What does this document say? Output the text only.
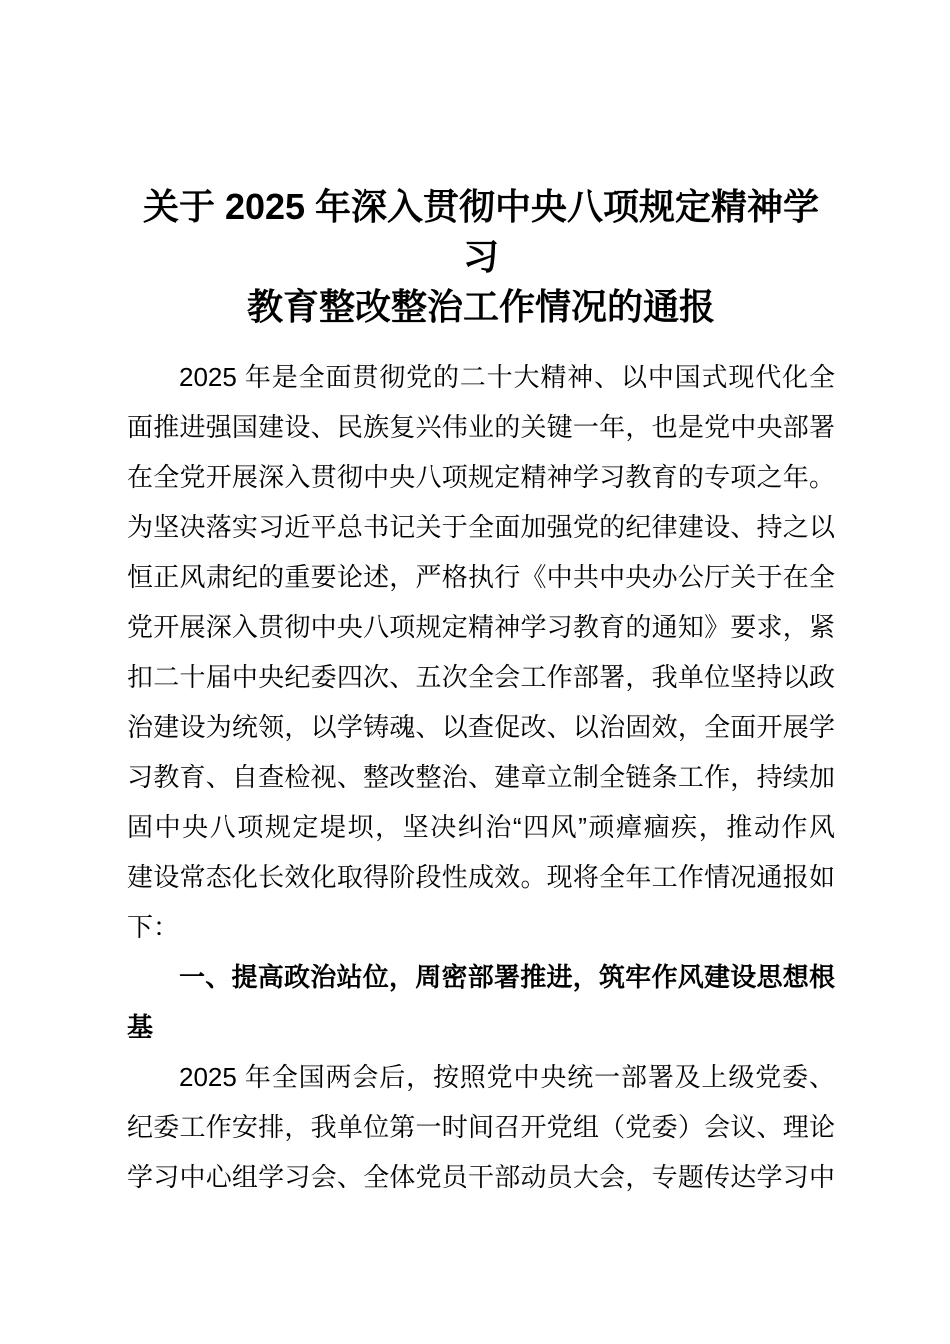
关于 2025 年深入贯彻中央八项规定精神学习
教育整改整治工作情况的通报
2025 年是全面贯彻党的二十大精神、以中国式现代化全
面推进强国建设、民族复兴伟业的关键一年，也是党中央部署
在全党开展深入贯彻中央八项规定精神学习教育的专项之年。
为坚决落实习近平总书记关于全面加强党的纪律建设、持之以
恒正风肃纪的重要论述，严格执行《中共中央办公厅关于在全
党开展深入贯彻中央八项规定精神学习教育的通知》要求，紧
扣二十届中央纪委四次、五次全会工作部署，我单位坚持以政
治建设为统领，以学铸魂、以查促改、以治固效，全面开展学
习教育、自查检视、整改整治、建章立制全链条工作，持续加
固中央八项规定堤坝，坚决纠治“四风”顽瘴痼疾，推动作风
建设常态化长效化取得阶段性成效。现将全年工作情况通报如
下：
一、提高政治站位，周密部署推进，筑牢作风建设思想根
基
2025 年全国两会后，按照党中央统一部署及上级党委、
纪委工作安排，我单位第一时间召开党组（党委）会议、理论
学习中心组学习会、全体党员干部动员大会，专题传达学习中
